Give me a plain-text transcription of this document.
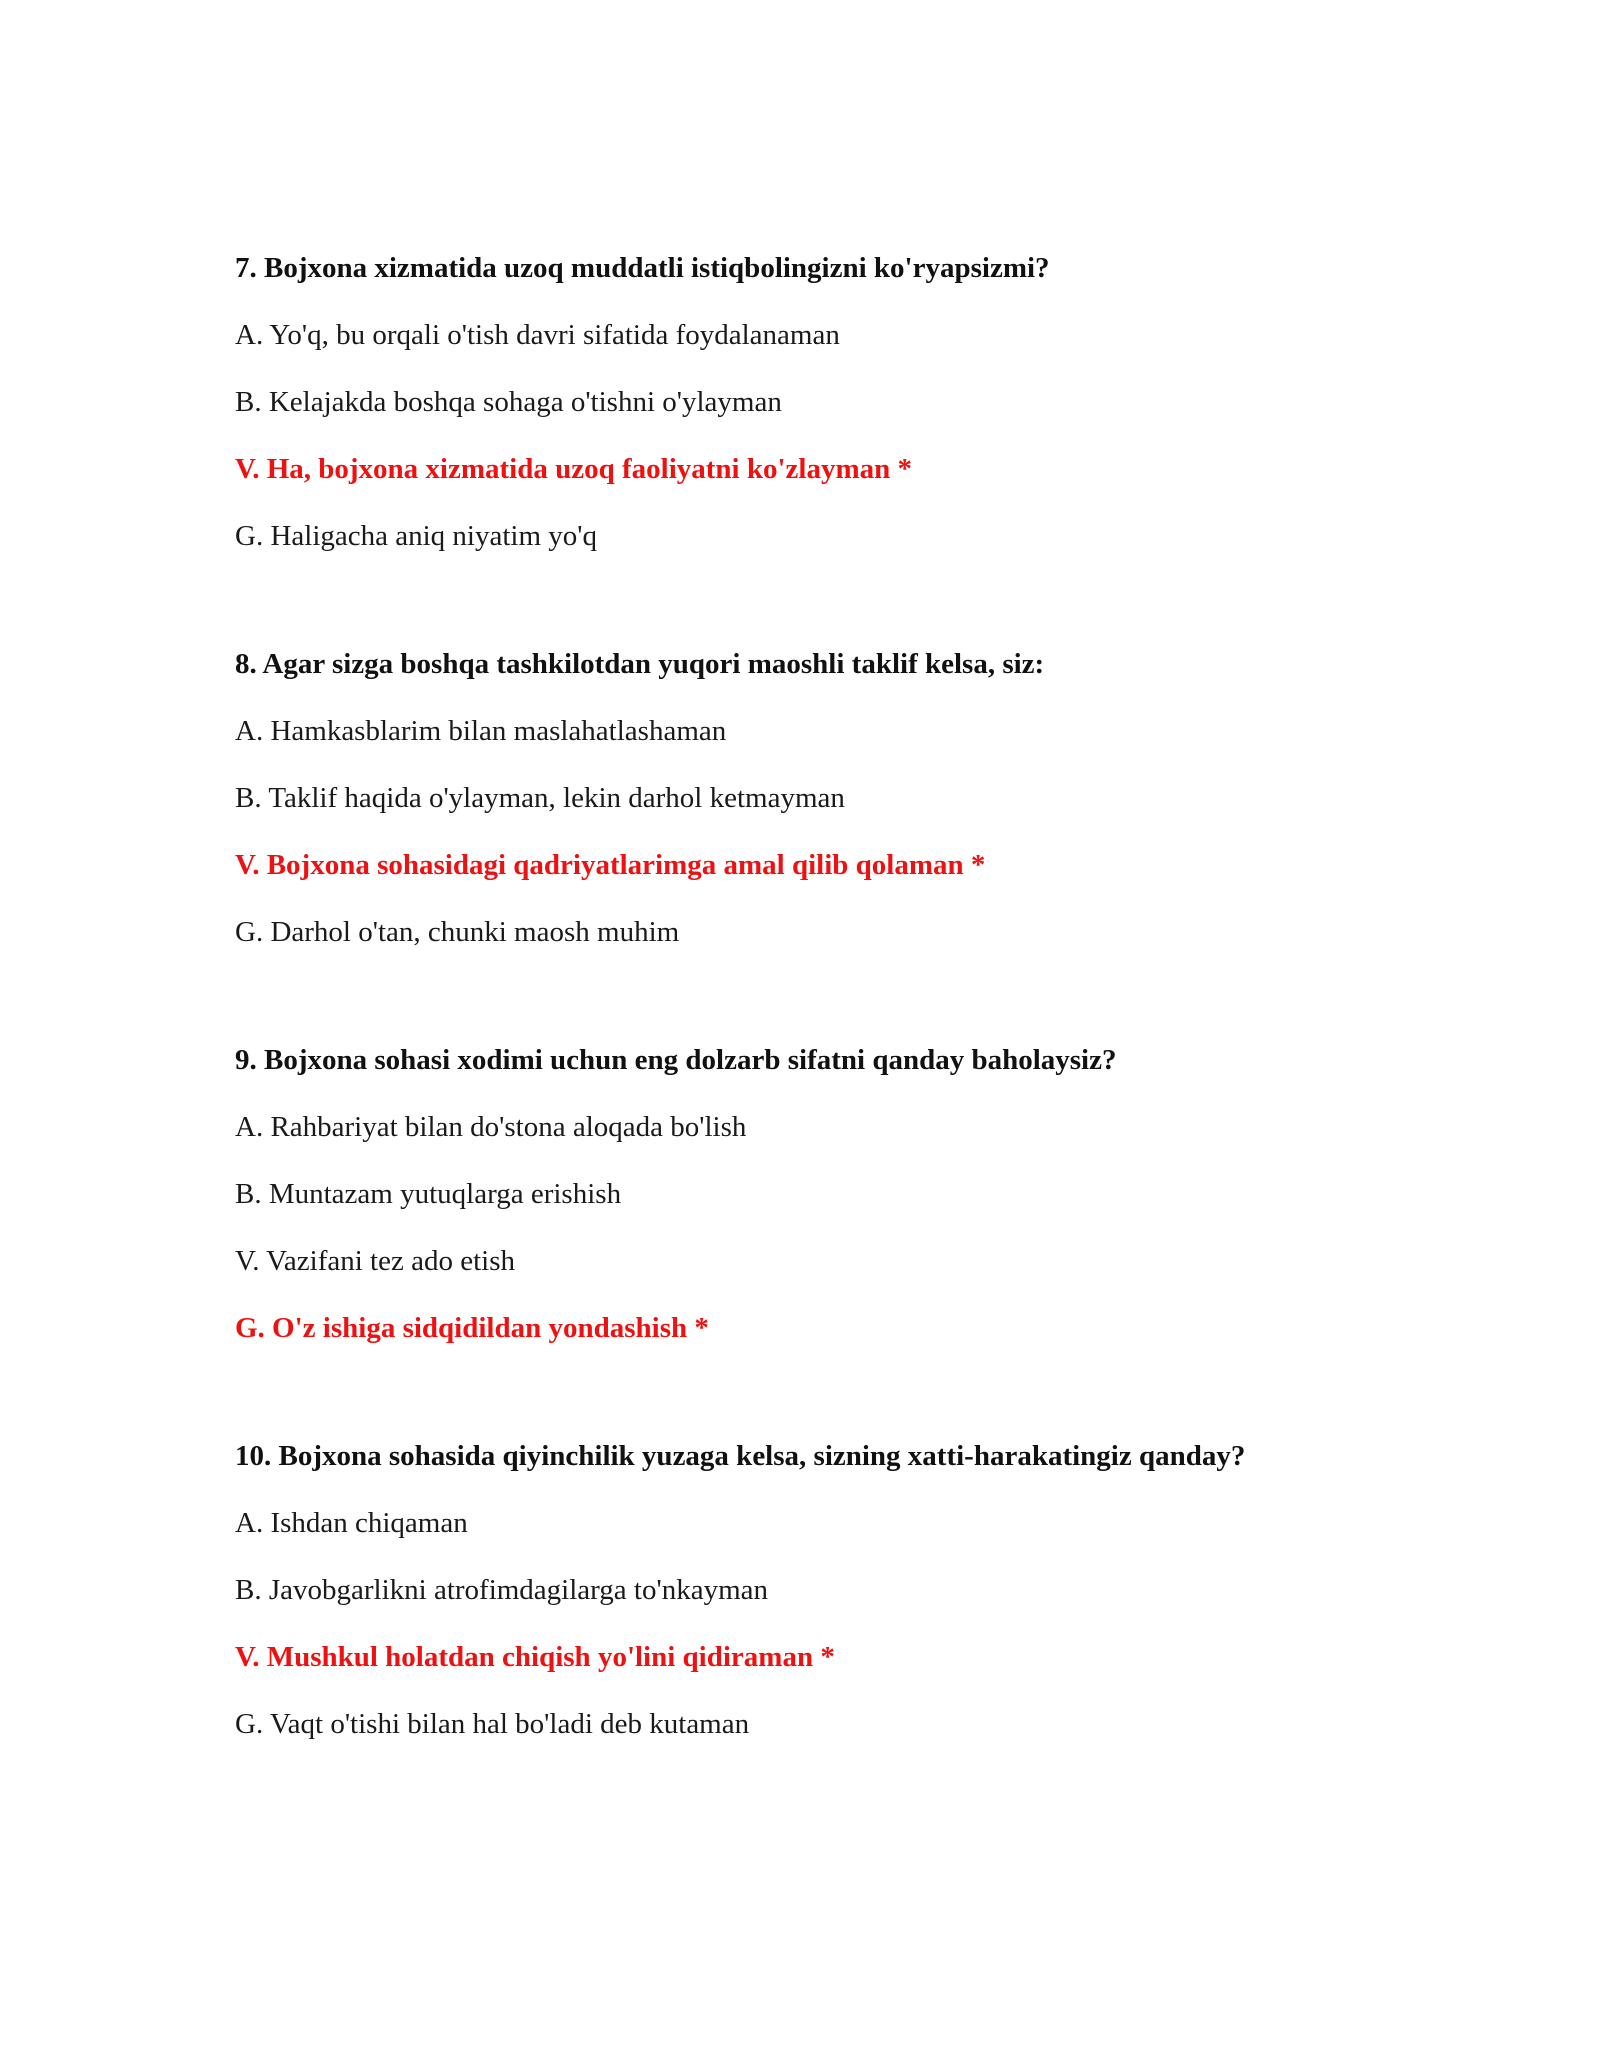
7. Bojxona xizmatida uzoq muddatli istiqbolingizni ko'ryapsizmi?

A. Yo'q, bu orqali o'tish davri sifatida foydalanaman

B. Kelajakda boshqa sohaga o'tishni o'ylayman

V. Ha, bojxona xizmatida uzoq faoliyatni ko'zlayman *

G. Haligacha aniq niyatim yo'q

8. Agar sizga boshqa tashkilotdan yuqori maoshli taklif kelsa, siz:

A. Hamkasblarim bilan maslahatlashaman

B. Taklif haqida o'ylayman, lekin darhol ketmayman

V. Bojxona sohasidagi qadriyatlarimga amal qilib qolaman *

G. Darhol o'tan, chunki maosh muhim

9. Bojxona sohasi xodimi uchun eng dolzarb sifatni qanday baholaysiz?

A. Rahbariyat bilan do'stona aloqada bo'lish

B. Muntazam yutuqlarga erishish

V. Vazifani tez ado etish

G. O'z ishiga sidqidildan yondashish *

10. Bojxona sohasida qiyinchilik yuzaga kelsa, sizning xatti-harakatingiz qanday?

A. Ishdan chiqaman

B. Javobgarlikni atrofimdagilarga to'nkayman

V. Mushkul holatdan chiqish yo'lini qidiraman *

G. Vaqt o'tishi bilan hal bo'ladi deb kutaman
